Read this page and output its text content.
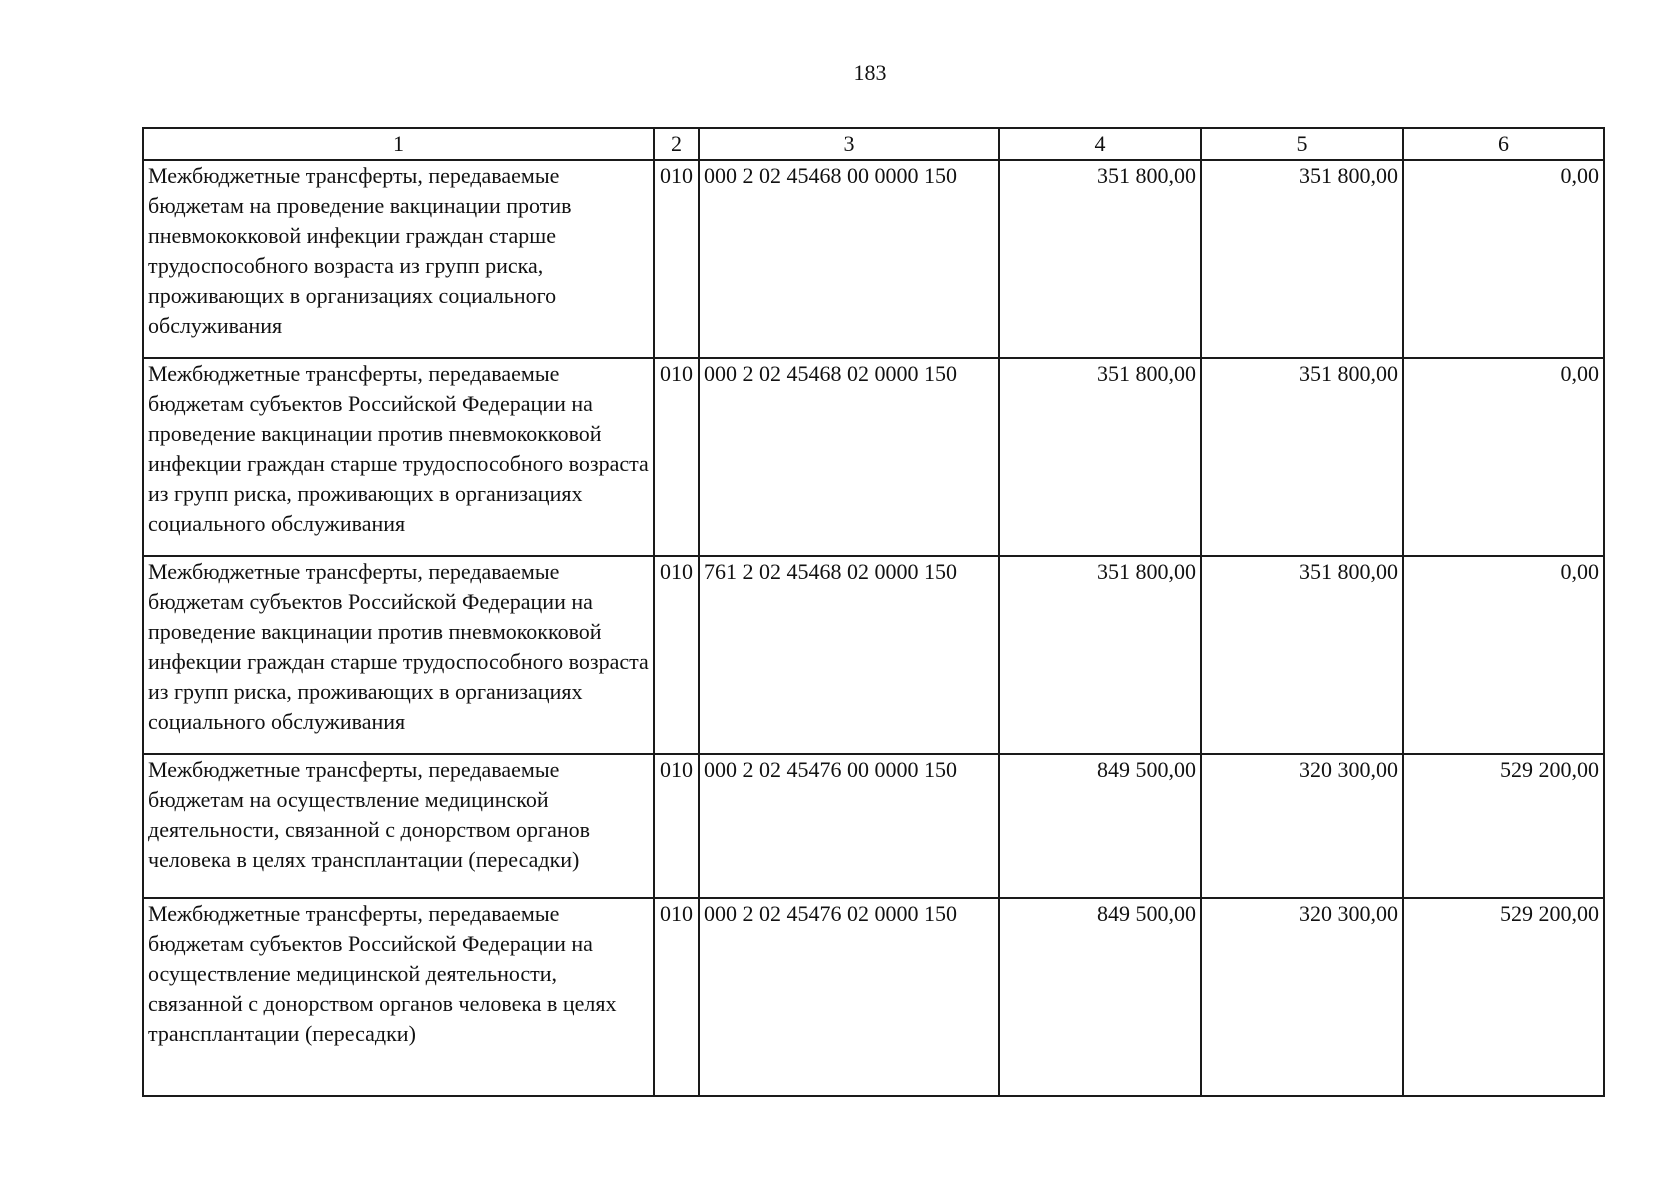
183
1	2	3	4	5	6
Межбюджетные трансферты, передаваемые бюджетам на проведение вакцинации против пневмококковой инфекции граждан старше трудоспособного возраста из групп риска, проживающих в организациях социального обслуживания	010	000 2 02 45468 00 0000 150	351 800,00	351 800,00	0,00
Межбюджетные трансферты, передаваемые бюджетам субъектов Российской Федерации на проведение вакцинации против пневмококковой инфекции граждан старше трудоспособного возраста из групп риска, проживающих в организациях социального обслуживания	010	000 2 02 45468 02 0000 150	351 800,00	351 800,00	0,00
Межбюджетные трансферты, передаваемые бюджетам субъектов Российской Федерации на проведение вакцинации против пневмококковой инфекции граждан старше трудоспособного возраста из групп риска, проживающих в организациях социального обслуживания	010	761 2 02 45468 02 0000 150	351 800,00	351 800,00	0,00
Межбюджетные трансферты, передаваемые бюджетам на осуществление медицинской деятельности, связанной с донорством органов человека в целях трансплантации (пересадки)	010	000 2 02 45476 00 0000 150	849 500,00	320 300,00	529 200,00
Межбюджетные трансферты, передаваемые бюджетам субъектов Российской Федерации на осуществление медицинской деятельности, связанной с донорством органов человека в целях трансплантации (пересадки)	010	000 2 02 45476 02 0000 150	849 500,00	320 300,00	529 200,00
